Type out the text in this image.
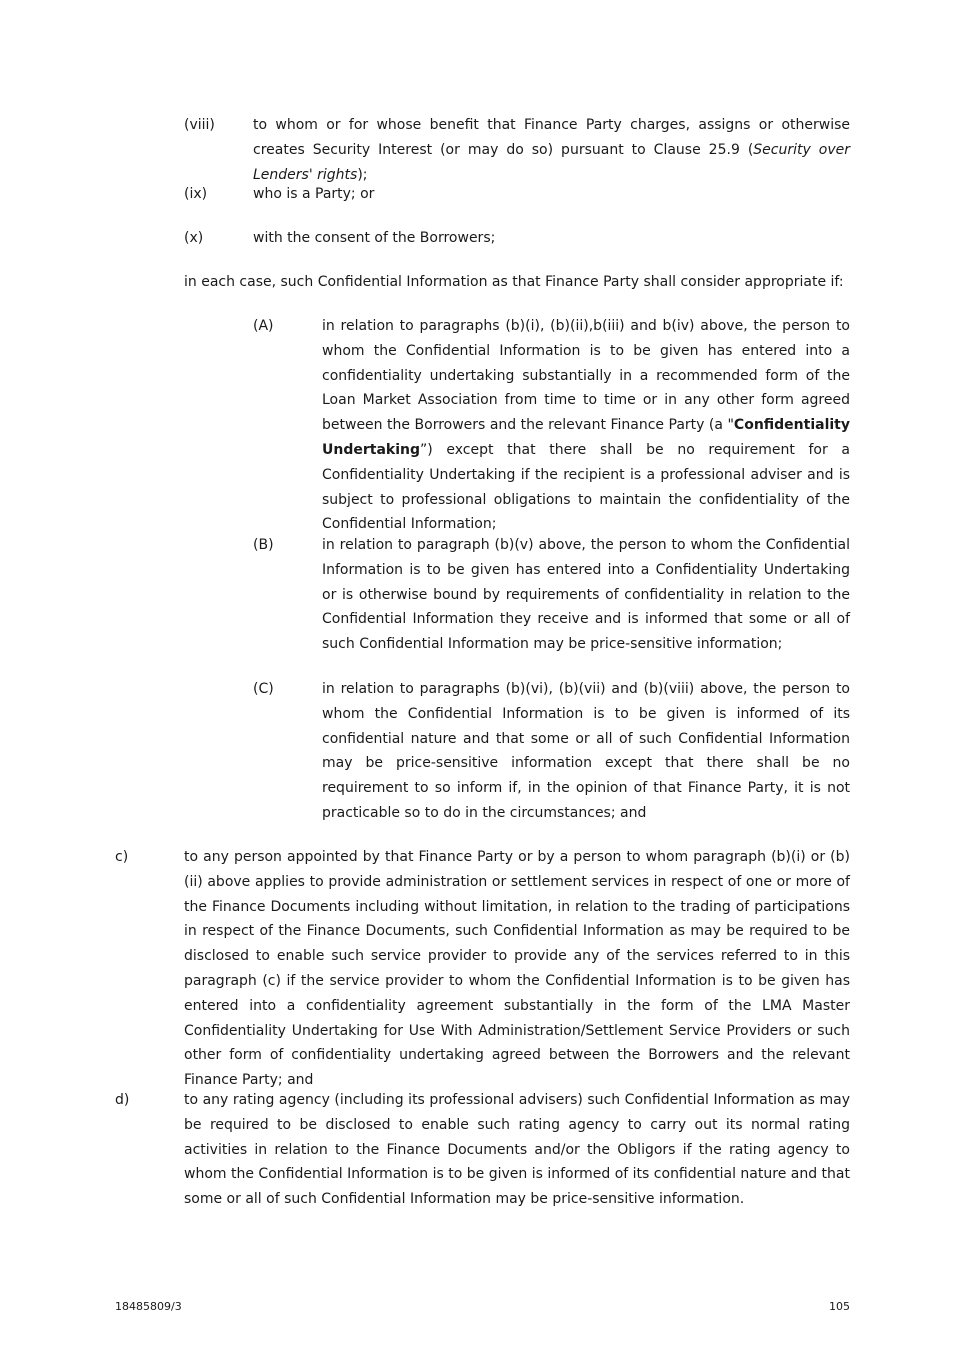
(viii)	to whom or for whose benefit that Finance Party charges, assigns or otherwise creates Security Interest (or may do so) pursuant to Clause 25.9 (Security over Lenders' rights);
(ix)	who is a Party; or
(x)	with the consent of the Borrowers;
in each case, such Confidential Information as that Finance Party shall consider appropriate if:
(A)	in relation to paragraphs (b)(i), (b)(ii),b(iii) and b(iv) above, the person to whom the Confidential Information is to be given has entered into a confidentiality undertaking substantially in a recommended form of the Loan Market Association from time to time or in any other form agreed between the Borrowers and the relevant Finance Party (a "Confidentiality Undertaking”) except that there shall be no requirement for a Confidentiality Undertaking if the recipient is a professional adviser and is subject to professional obligations to maintain the confidentiality of the Confidential Information;
(B)	in relation to paragraph (b)(v) above, the person to whom the Confidential Information is to be given has entered into a Confidentiality Undertaking or is otherwise bound by requirements of confidentiality in relation to the Confidential Information they receive and is informed that some or all of such Confidential Information may be price-sensitive information;
(C)	in relation to paragraphs (b)(vi), (b)(vii) and (b)(viii) above, the person to whom the Confidential Information is to be given is informed of its confidential nature and that some or all of such Confidential Information may be price-sensitive information except that there shall be no requirement to so inform if, in the opinion of that Finance Party, it is not practicable so to do in the circumstances; and
c)	to any person appointed by that Finance Party or by a person to whom paragraph (b)(i) or (b)(ii) above applies to provide administration or settlement services in respect of one or more of the Finance Documents including without limitation, in relation to the trading of participations in respect of the Finance Documents, such Confidential Information as may be required to be disclosed to enable such service provider to provide any of the services referred to in this paragraph (c) if the service provider to whom the Confidential Information is to be given has entered into a confidentiality agreement substantially in the form of the LMA Master Confidentiality Undertaking for Use With Administration/Settlement Service Providers or such other form of confidentiality undertaking agreed between the Borrowers and the relevant Finance Party; and
d)	to any rating agency (including its professional advisers) such Confidential Information as may be required to be disclosed to enable such rating agency to carry out its normal rating activities in relation to the Finance Documents and/or the Obligors if the rating agency to whom the Confidential Information is to be given is informed of its confidential nature and that some or all of such Confidential Information may be price-sensitive information.
18485809/3	105
